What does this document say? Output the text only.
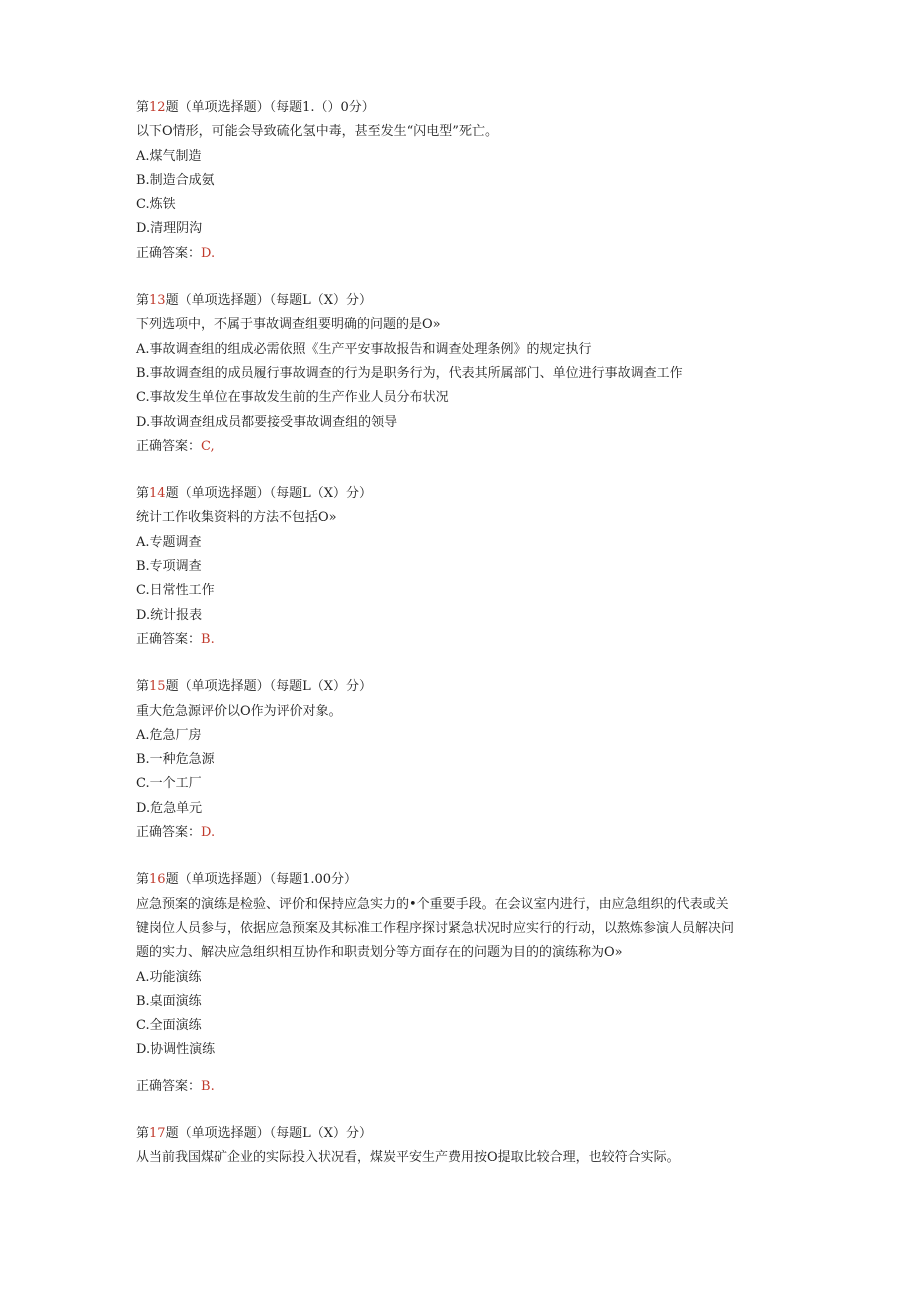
第12题（单项选择题）（每题1.（）0分）
以下O情形，可能会导致硫化氢中毒，甚至发生“闪电型”死亡。
A.煤气制造
B.制造合成氨
C.炼铁
D.清理阴沟
正确答案：D.
第13题（单项选择题）（每题L（X）分）
下列选项中，不属于事故调查组要明确的问题的是O»
A.事故调查组的组成必需依照《生产平安事故报告和调查处理条例》的规定执行
B.事故调查组的成员履行事故调查的行为是职务行为，代表其所属部门、单位进行事故调查工作
C.事故发生单位在事故发生前的生产作业人员分布状况
D.事故调查组成员都要接受事故调查组的领导
正确答案：C,
第14题（单项选择题）（每题L（X）分）
统计工作收集资料的方法不包括O»
A.专题调查
B.专项调查
C.日常性工作
D.统计报表
正确答案：B.
第15题（单项选择题）（每题L（X）分）
重大危急源评价以O作为评价对象。
A.危急厂房
B.一种危急源
C.一个工厂
D.危急单元
正确答案：D.
第16题（单项选择题）（每题1.00分）
应急预案的演练是检验、评价和保持应急实力的•个重要手段。在会议室内进行，由应急组织的代表或关
键岗位人员参与，依据应急预案及其标准工作程序探讨紧急状况时应实行的行动，以熬炼参演人员解决问
题的实力、解决应急组织相互协作和职责划分等方面存在的问题为目的的演练称为O»
A.功能演练
B.桌面演练
C.全面演练
D.协调性演练
正确答案：B.
第17题（单项选择题）（每题L（X）分）
从当前我国煤矿企业的实际投入状况看，煤炭平安生产费用按O提取比较合理，也较符合实际。
